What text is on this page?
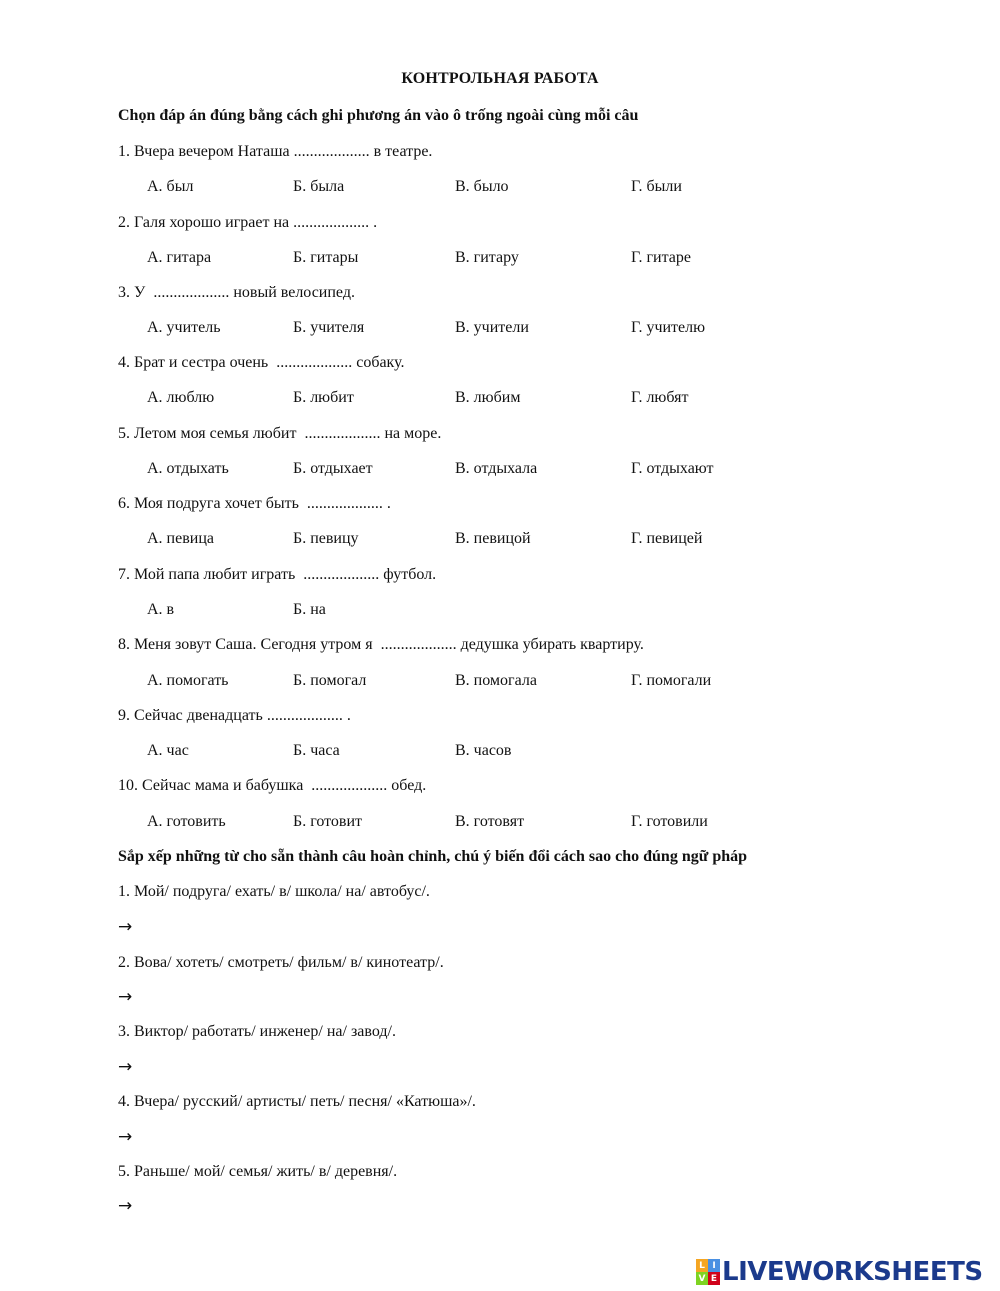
КОНТРОЛЬНАЯ РАБОТА
Chọn đáp án đúng bằng cách ghi phương án vào ô trống ngoài cùng mỗi câu
1. Вчера вечером Наташа ................... в театре.
А. был	Б. была	В. было	Г. были
2. Галя хорошо играет на ................... .
А. гитара	Б. гитары	В. гитару	Г. гитаре
3. У  ................... новый велосипед.
А. учитель	Б. учителя	В. учители	Г. учителю
4. Брат и сестра очень  ................... собаку.
А. люблю	Б. любит	В. любим	Г. любят
5. Летом моя семья любит  ................... на море.
А. отдыхать	Б. отдыхает	В. отдыхала	Г. отдыхают
6. Моя подруга хочет быть  ................... .
А. певица	Б. певицу	В. певицой	Г. певицей
7. Мой папа любит играть  ................... футбол.
А. в	Б. на
8. Меня зовут Саша. Сегодня утром я  ................... дедушка убирать квартиру.
А. помогать	Б. помогал	В. помогала	Г. помогали
9. Сейчас двенадцать ................... .
А. час	Б. часа	В. часов
10. Сейчас мама и бабушка  ................... обед.
А. готовить	Б. готовит	В. готовят	Г. готовили
Sắp xếp những từ cho sẵn thành câu hoàn chỉnh, chú ý biến đổi cách sao cho đúng ngữ pháp
1. Мой/ подруга/ ехать/ в/ школа/ на/ автобус/.
→
2. Вова/ хотеть/ смотреть/ фильм/ в/ кинотеатр/.
→
3. Виктор/ работать/ инженер/ на/ завод/.
→
4. Вчера/ русский/ артисты/ петь/ песня/ «Катюша»/.
→
5. Раньше/ мой/ семья/ жить/ в/ деревня/.
→
L I
V E LIVEWORKSHEETS
